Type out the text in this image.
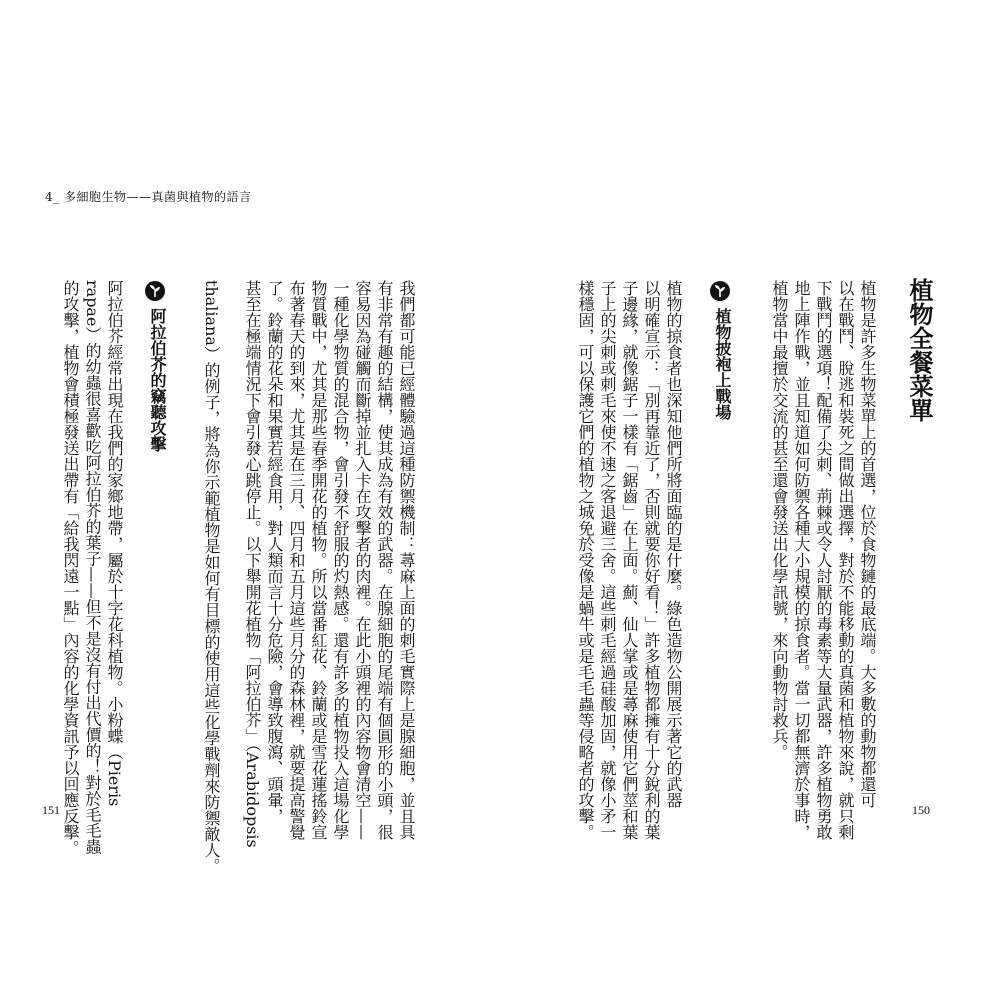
4_ 多細胞生物——真菌與植物的語言
植物全餐菜單
植物是許多生物菜單上的首選，位於食物鏈的最底端。大多數的動物都還可
以在戰鬥、脫逃和裝死之間做出選擇，對於不能移動的真菌和植物來說，就只剩
下戰鬥的選項！配備了尖刺、荊棘或令人討厭的毒素等大量武器，許多植物勇敢
地上陣作戰，並且知道如何防禦各種大小規模的掠食者。當一切都無濟於事時，
植物當中最擅於交流的甚至還會發送出化學訊號，來向動物討救兵。
植物披袍上戰場
植物的掠食者也深知他們所將面臨的是什麼。綠色造物公開展示著它的武器
以明確宣示：「別再靠近了，否則就要你好看！」許多植物都擁有十分銳利的葉
子邊緣，就像鋸子一樣有「鋸齒」在上面。薊、仙人掌或是蕁麻使用它們莖和葉
子上的尖刺或刺毛來使不速之客退避三舍。這些刺毛經過硅酸加固，就像小矛一
樣穩固，可以保護它們的植物之城免於受像是蝸牛或是毛毛蟲等侵略者的攻擊。	150
我們都可能已經體驗過這種防禦機制：蕁麻上面的刺毛實際上是腺細胞，並且具
有非常有趣的結構，使其成為有效的武器。在腺細胞的尾端有個圓形的小頭，很
容易因為碰觸而斷掉並扎入卡在攻擊者的肉裡。在此小頭裡的內容物會清空——
一種化學物質的混合物，會引發不舒服的灼熱感。還有許多的植物投入這場化學
物質戰中，尤其是那些春季開花的植物。所以當番紅花、鈴蘭或是雪花蓮搖鈴宣
布著春天的到來，尤其是在三月、四月和五月這些月分的森林裡，就要提高警覺
了。鈴蘭的花朵和果實若經食用，對人類而言十分危險，會導致腹瀉、頭暈，
甚至在極端情況下會引發心跳停止。以下舉開花植物「阿拉伯芥」（Arabidopsis
thaliana）的例子，將為你示範植物是如何有目標的使用這些化學戰劑來防禦敵人。
阿拉伯芥的竊聽攻擊
阿拉伯芥經常出現在我們的家鄉地帶，屬於十字花科植物。小粉蝶（Pieris
rapae）的幼蟲很喜歡吃阿拉伯芥的葉子——但不是沒有付出代價的！對於毛毛蟲
的攻擊，植物會積極發送出帶有「給我閃遠一點」內容的化學資訊予以回應反擊。
151
